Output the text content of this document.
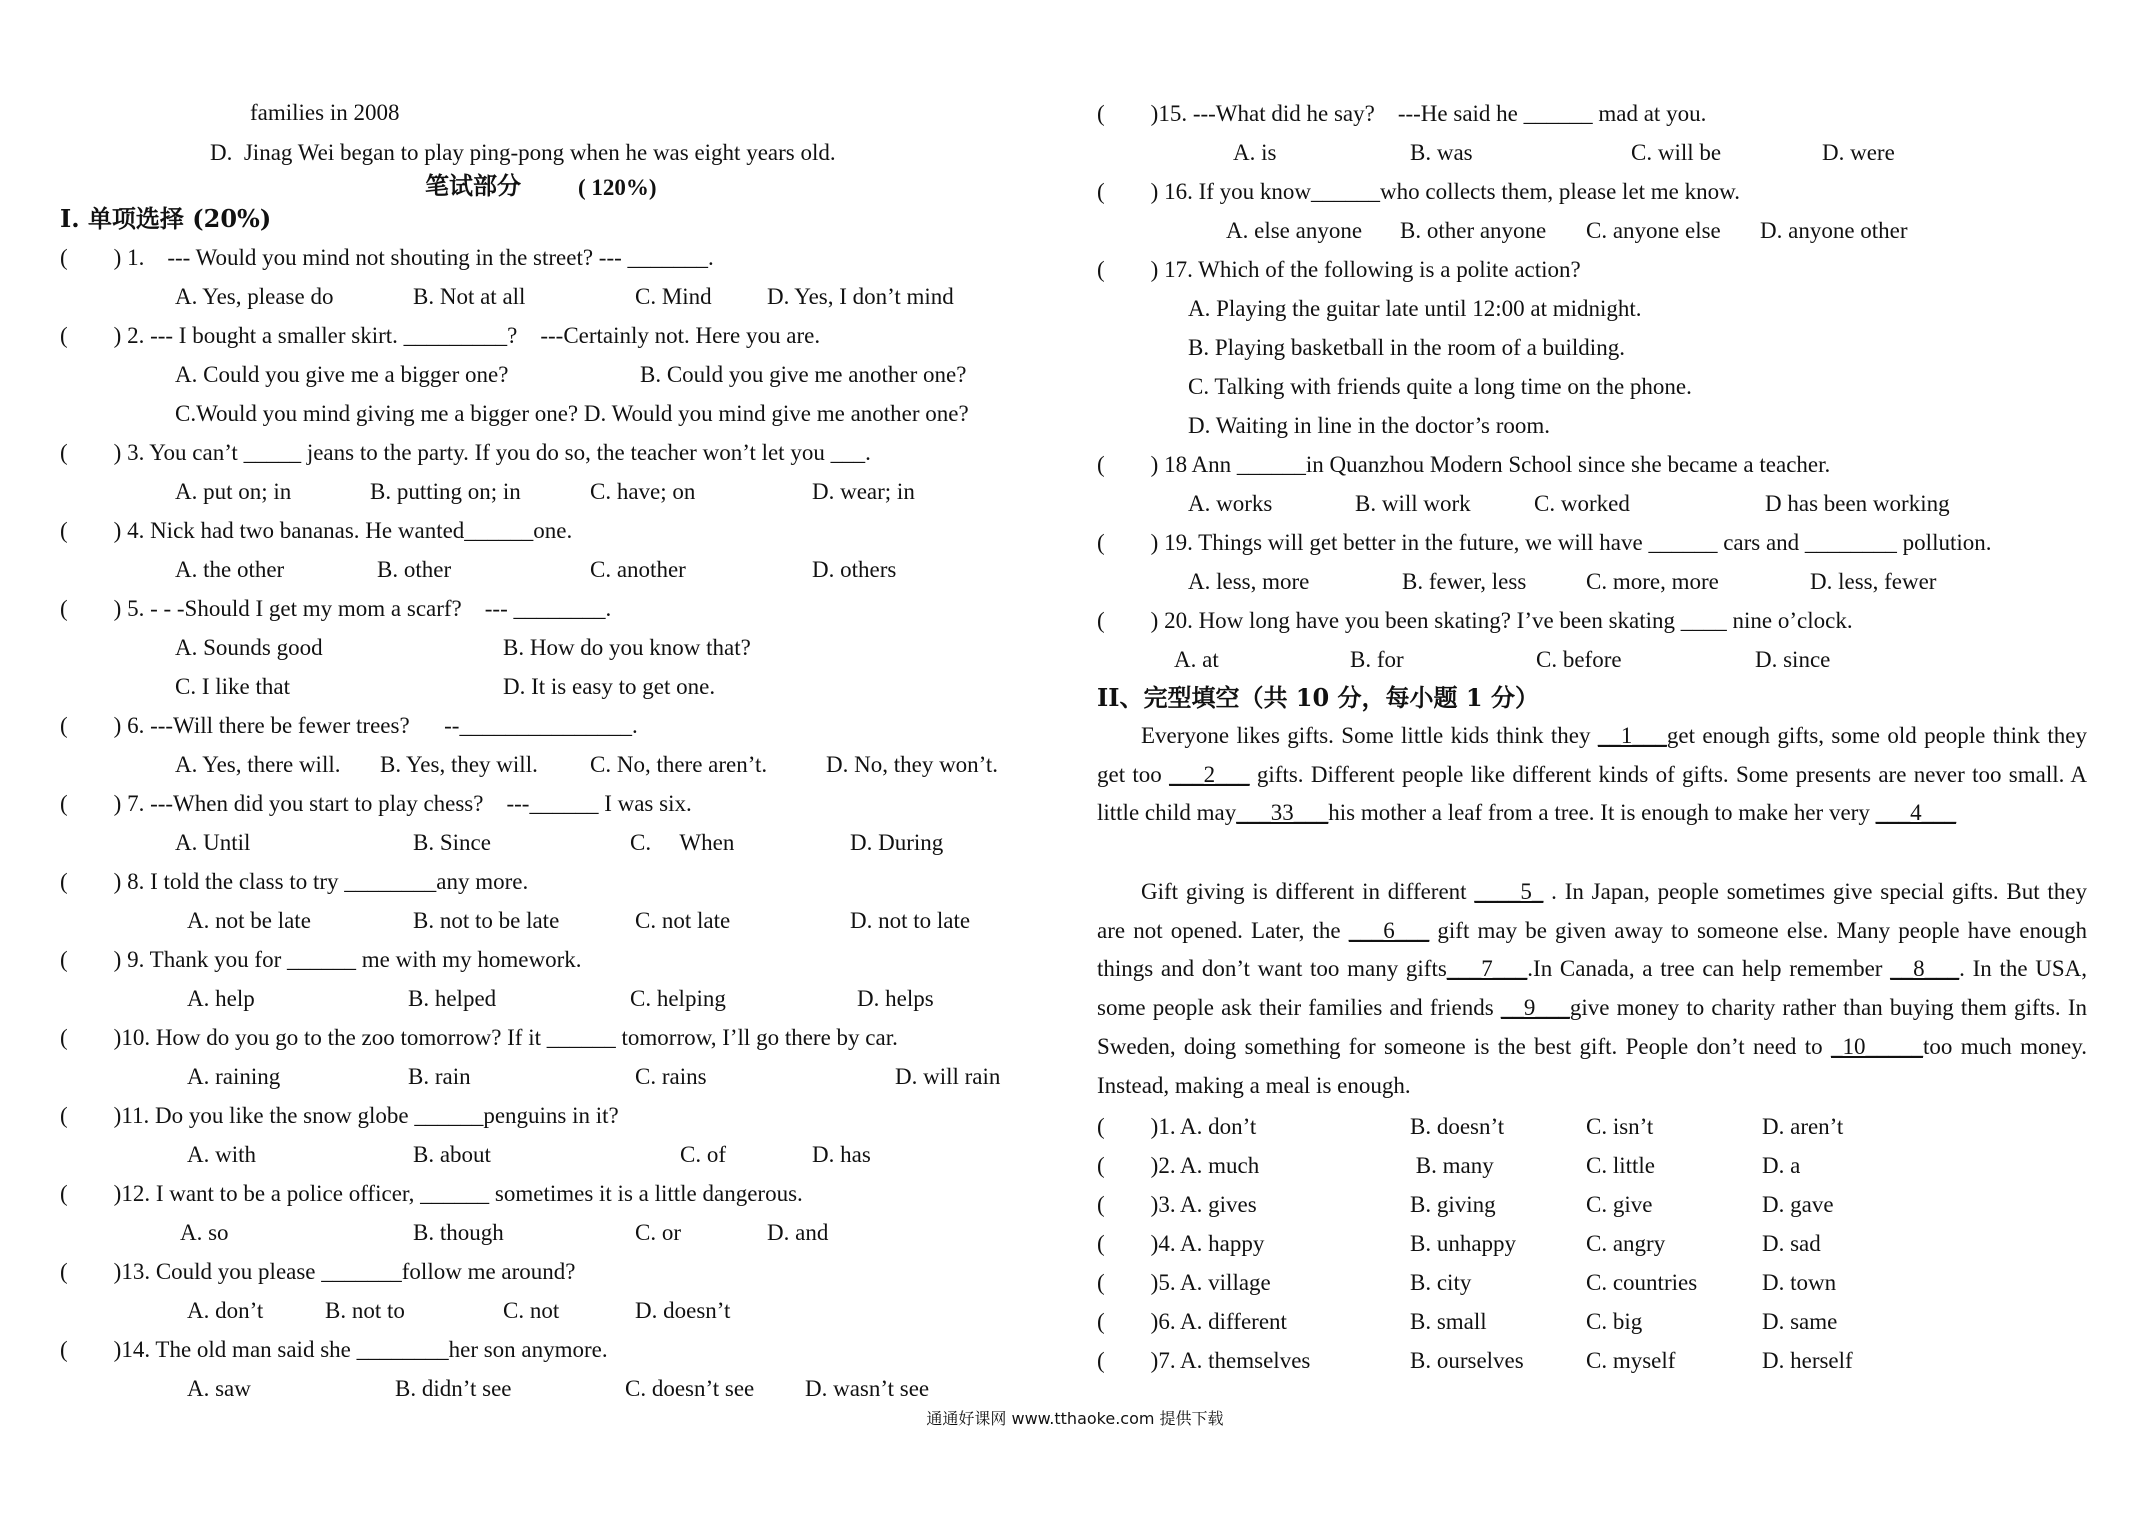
families in 2008
D.  Jinag Wei began to play ping-pong when he was eight years old.
笔试部分 ( 120%)
I. 单项选择 (20%)
(        ) 1.    --- Would you mind not shouting in the street? --- _______.
A. Yes, please do	B. Not at all	C. Mind D. Yes, I don’t mind
(        ) 2. --- I bought a smaller skirt. _________?    ---Certainly not. Here you are.
A. Could you give me a bigger one?	B. Could you give me another one?
C.Would you mind giving me a bigger one? D. Would you mind give me another one?
(        ) 3. You can’t _____ jeans to the party. If you do so, the teacher won’t let you ___.
A. put on; in	B. putting on; in	C. have; on	D. wear; in
(        ) 4. Nick had two bananas. He wanted______one.
A. the other	B. other	C. another	D. others
(        ) 5. - - -Should I get my mom a scarf?    --- ________.
A. Sounds good	B. How do you know that?
C. I like that	D. It is easy to get one.
(        ) 6. ---Will there be fewer trees?      --_______________.
A. Yes, there will. B. Yes, they will. C. No, there aren’t.	D. No, they won’t.
(        ) 7. ---When did you start to play chess?    ---______ I was six.
A. Until	B. Since	C.     When	D. During
(        ) 8. I told the class to try ________any more.
A. not be late	B. not to be late	C. not late	D. not to late
(        ) 9. Thank you for ______ me with my homework.
A. help	B. helped	C. helping	D. helps
(        )10. How do you go to the zoo tomorrow? If it ______ tomorrow, I’ll go there by car.
A. raining	B. rain	C. rains	D. will rain
(        )11. Do you like the snow globe ______penguins in it?
A. with	B. about	C. of	D. has
(        )12. I want to be a police officer, ______ sometimes it is a little dangerous.
A. so	B. though	C. or	D. and
(        )13. Could you please _______follow me around?
A. don’t	B. not to	C. not	D. doesn’t
(        )14. The old man said she ________her son anymore.
A. saw	B. didn’t see	C. doesn’t see D. wasn’t see
(        )15. ---What did he say?    ---He said he ______ mad at you.
A. is	B. was	C. will be	D. were
(        ) 16. If you know______who collects them, please let me know.
A. else anyone B. other anyone C. anyone else D. anyone other
(        ) 17. Which of the following is a polite action?
A. Playing the guitar late until 12:00 at midnight.
B. Playing basketball in the room of a building.
C. Talking with friends quite a long time on the phone.
D. Waiting in line in the doctor’s room.
(        ) 18 Ann ______in Quanzhou Modern School since she became a teacher.
A. works	B. will work	C. worked	D has been working
(        ) 19. Things will get better in the future, we will have ______ cars and ________ pollution.
A. less, more	B. fewer, less	C. more, more	D. less, fewer
(        ) 20. How long have you been skating? I’ve been skating ____ nine o’clock.
A. at	B. for	C. before	D. since
II、完型填空（共 10 分，每小题 1 分）

Everyone likes gifts. Some little kids think they __1___get enough gifts, some old people think they get too ___2___ gifts. Different people like different kinds of gifts. Some presents are never too small. A little child may___33___his mother a leaf from a tree. It is enough to make her very ___4___

Gift giving is different in different ____5_ . In Japan, people sometimes give special gifts. But they are not opened. Later, the ___6___ gift may be given away to someone else. Many people have enough things and don’t want too many gifts___7___.In Canada, a tree can help remember __8___. In the USA, some people ask their families and friends __9___give money to charity rather than buying them gifts. In Sweden, doing something for someone is the best gift. People don’t need to _10_____too much money. Instead, making a meal is enough.

(        )1. A. don’t	B. doesn’t	C. isn’t	D. aren’t
(        )2. A. much	B. many	C. little	D. a
(        )3. A. gives	B. giving	C. give	D. gave
(        )4. A. happy	B. unhappy	C. angry	D. sad
(        )5. A. village	B. city	C. countries	D. town
(        )6. A. different	B. small	C. big	D. same
(        )7. A. themselves	B. ourselves	C. myself	D. herself
通通好课网 www.tthaoke.com 提供下载
